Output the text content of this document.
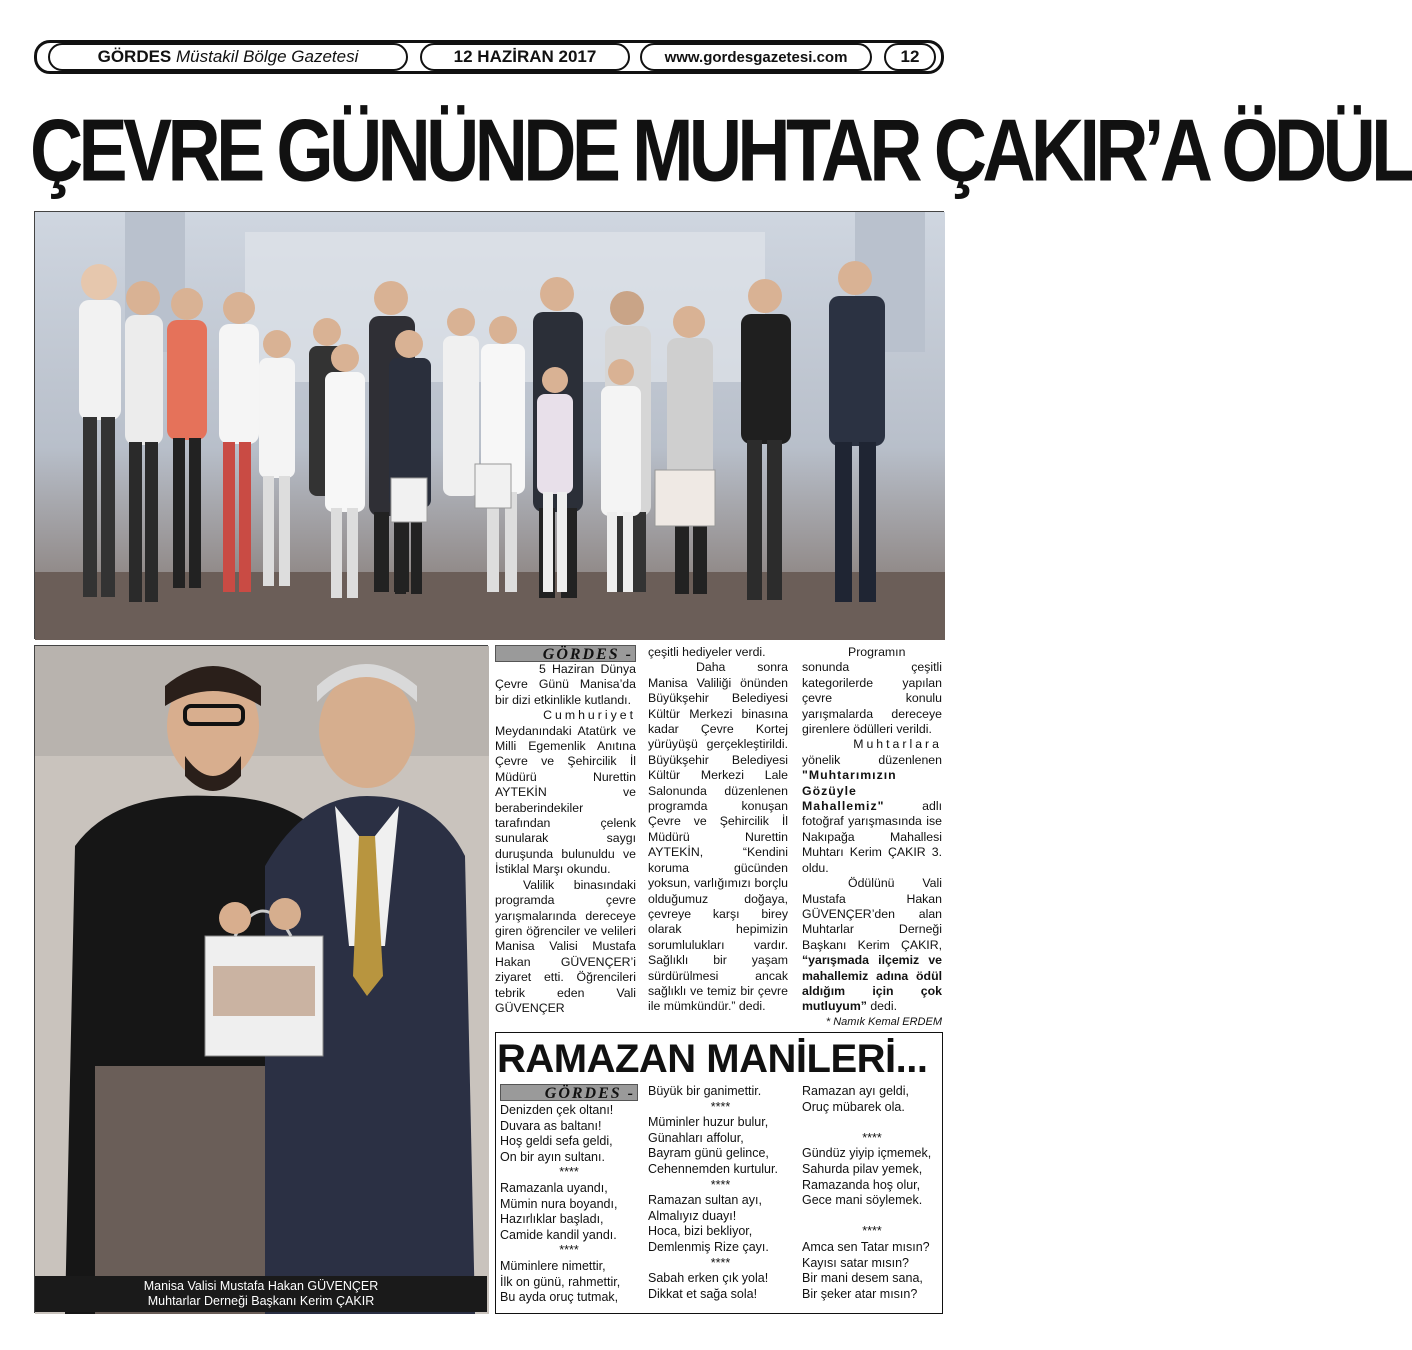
GÖRDES
Müstakil Bölge Gazetesi	12 HAZİRAN 2017	www.gordesgazetesi.com	12
ÇEVRE GÜNÜNDE MUHTAR ÇAKIR’A ÖDÜL
Manisa Valisi Mustafa Hakan GÜVENÇER
Muhtarlar Derneği Başkanı Kerim ÇAKIR
GÖRDES -

5 Haziran Dünya Çevre Günü Manisa’da bir dizi etkinlikle kutlandı.

Cumhuriyet

Meydanındaki Atatürk ve Milli Egemenlik Anıtına Çevre ve Şehircilik İl Müdürü Nurettin AYTEKİN ve beraberindekiler tarafından çelenk sunularak saygı duruşunda bulunuldu ve İstiklal Marşı okundu.

Valilik binasındaki programda çevre yarışmalarında dereceye giren öğrenciler ve velileri Manisa Valisi Mustafa Hakan GÜVENÇER’i ziyaret etti. Öğrencileri tebrik eden Vali GÜVENÇER

çeşitli hediyeler verdi.

Daha sonra Manisa Valiliği önünden Büyükşehir Belediyesi Kültür Merkezi binasına kadar Çevre Kortej yürüyüşü gerçekleştirildi. Büyükşehir Belediyesi Kültür Merkezi Lale Salonunda düzenlenen programda konuşan Çevre ve Şehircilik İl Müdürü Nurettin AYTEKİN, “Kendini koruma gücünden yoksun, varlığımızı borçlu olduğumuz doğaya, çevreye karşı birey olarak hepimizin sorumlulukları vardır. Sağlıklı bir yaşam sürdürülmesi ancak sağlıklı ve temiz bir çevre ile mümkündür.” dedi.

Programın sonunda çeşitli kategorilerde yapılan çevre konulu yarışmalarda dereceye girenlere ödülleri verildi.

Muhtarlara

yönelik düzenlenen "Muhtarımızın Gözüyle Mahallemiz"	adlı fotoğraf yarışmasında ise Nakıpağa Mahallesi Muhtarı Kerim ÇAKIR 3. oldu.

Ödülünü Vali Mustafa Hakan GÜVENÇER’den alan Muhtarlar Derneği Başkanı Kerim ÇAKIR, “yarışmada ilçemiz ve mahallemiz adına ödül aldığım için çok mutluyum” dedi.

* Namık Kemal ERDEM

RAMAZAN MANİLERİ...
GÖRDES -
Denizden çek oltanı!
Duvara as baltanı!
Hoş geldi sefa geldi,
On bir ayın sultanı.
****
Ramazanla uyandı,
Mümin nura boyandı,
Hazırlıklar başladı,
Camide kandil yandı.
****
Müminlere nimettir,
İlk on günü, rahmettir,
Bu ayda oruç tutmak,
Büyük bir ganimettir.
****
Müminler huzur bulur,
Günahları affolur,
Bayram günü gelince,
Cehennemden kurtulur.
****
Ramazan sultan ayı,
Almalıyız duayı!
Hoca, bizi bekliyor,
Demlenmiş Rize çayı.
****
Sabah erken çık yola!
Dikkat et sağa sola!
Ramazan ayı geldi,
Oruç mübarek ola.
****
Gündüz yiyip içmemek,
Sahurda pilav yemek,
Ramazanda hoş olur,
Gece mani söylemek.
****
Amca sen Tatar mısın?
Kayısı satar mısın?
Bir mani desem sana,
Bir şeker atar mısın?
